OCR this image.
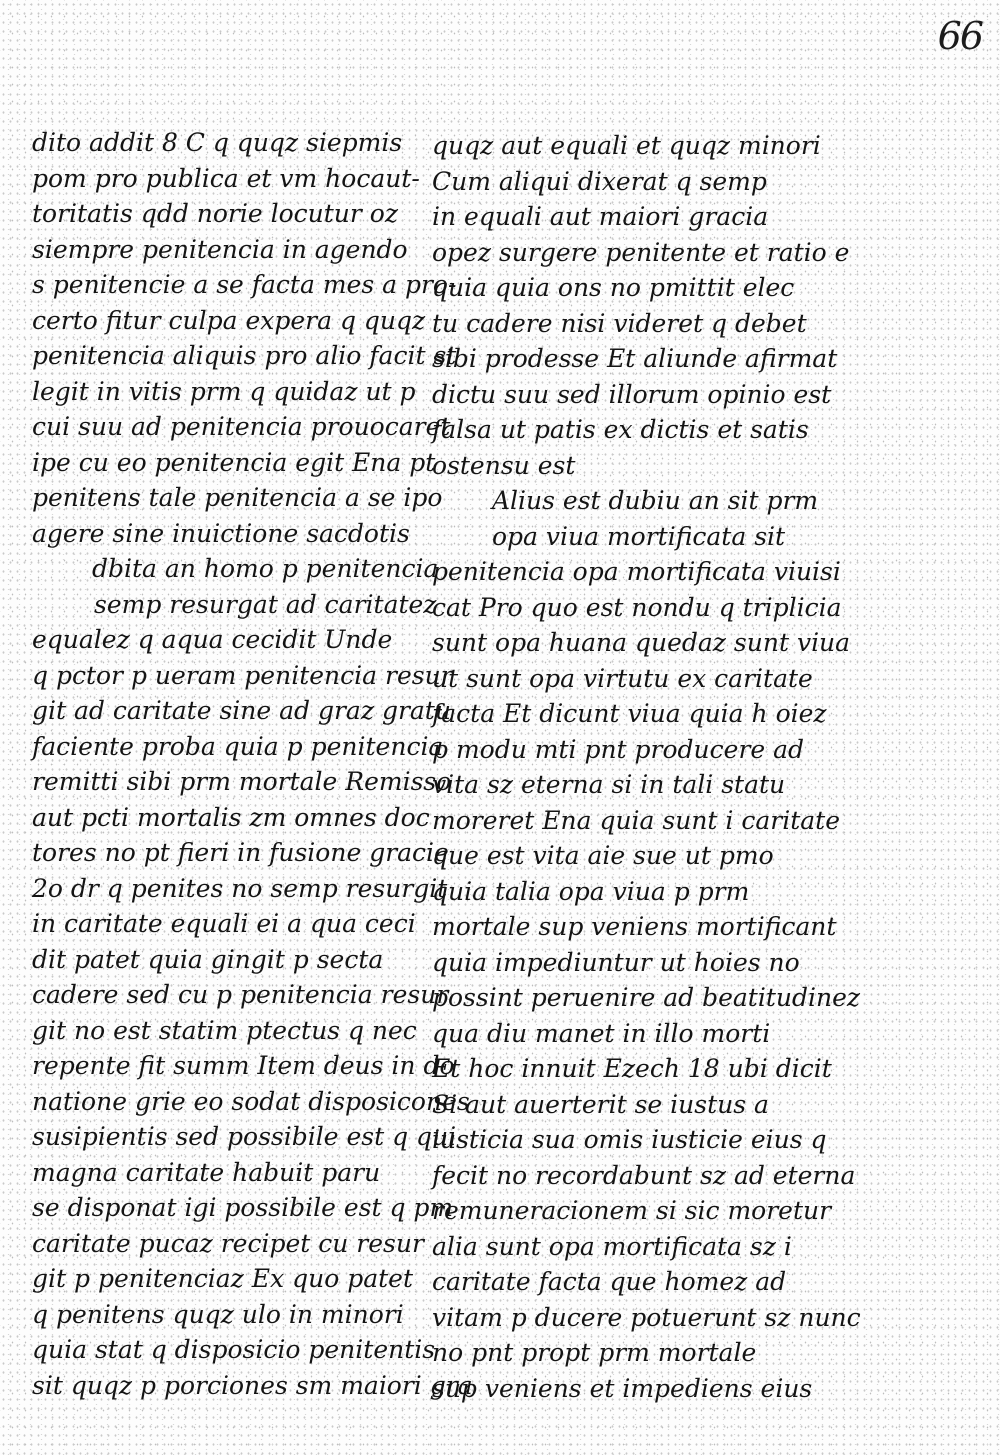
66
dito addit 8 C q quqz siepmis
pom pro publica et vm hocaut-
toritatis qdd norie locutur oz
siempre penitencia in agendo
s penitencie a se facta mes a pro-
certo fitur culpa expera q quqz
penitencia aliquis pro alio facit st
legit in vitis prm q quidaz ut p
cui suu ad penitencia prouocaret
ipe cu eo penitencia egit Ena pt
penitens tale penitencia a se ipo
agere sine inuictione sacdotis
dbita an homo p penitencia
semp resurgat ad caritatez
equalez q aqua cecidit Unde
q pctor p ueram penitencia resur
git ad caritate sine ad graz gratu
faciente proba quia p penitencia
remitti sibi prm mortale Remisso
aut pcti mortalis zm omnes doc
tores no pt fieri in fusione gracie
2o dr q penites no semp resurgit
in caritate equali ei a qua ceci
dit patet quia gingit p secta
cadere sed cu p penitencia resur
git no est statim ptectus q nec
repente fit summ Item deus in do
natione grie eo sodat disposicones
susipientis sed possibile est q qui
magna caritate habuit paru
se disponat igi possibile est q pm
caritate pucaz recipet cu resur
git p penitenciaz Ex quo patet
q penitens quqz ulo in minori
quia stat q disposicio penitentis
sit quqz p porciones sm maiori gra
quqz aut equali et quqz minori
Cum aliqui dixerat q semp
in equali aut maiori gracia
opez surgere penitente et ratio e
quia quia ons no pmittit elec
tu cadere nisi videret q debet
sibi prodesse Et aliunde afirmat
dictu suu sed illorum opinio est
falsa ut patis ex dictis et satis
ostensu est
Alius est dubiu an sit prm
opa viua mortificata sit
penitencia opa mortificata viuisi
cat Pro quo est nondu q triplicia
sunt opa huana quedaz sunt viua
ut sunt opa virtutu ex caritate
facta Et dicunt viua quia h oiez
p modu mti pnt producere ad
vita sz eterna si in tali statu
moreret Ena quia sunt i caritate
que est vita aie sue ut pmo
quia talia opa viua p prm
mortale sup veniens mortificant
quia impediuntur ut hoies no
possint peruenire ad beatitudinez
qua diu manet in illo morti
Et hoc innuit Ezech 18 ubi dicit
Si aut auerterit se iustus a
iusticia sua omis iusticie eius q
fecit no recordabunt sz ad eterna
remuneracionem si sic moretur
alia sunt opa mortificata sz i
caritate facta que homez ad
vitam p ducere potuerunt sz nunc
no pnt propt prm mortale
sup veniens et impediens eius
